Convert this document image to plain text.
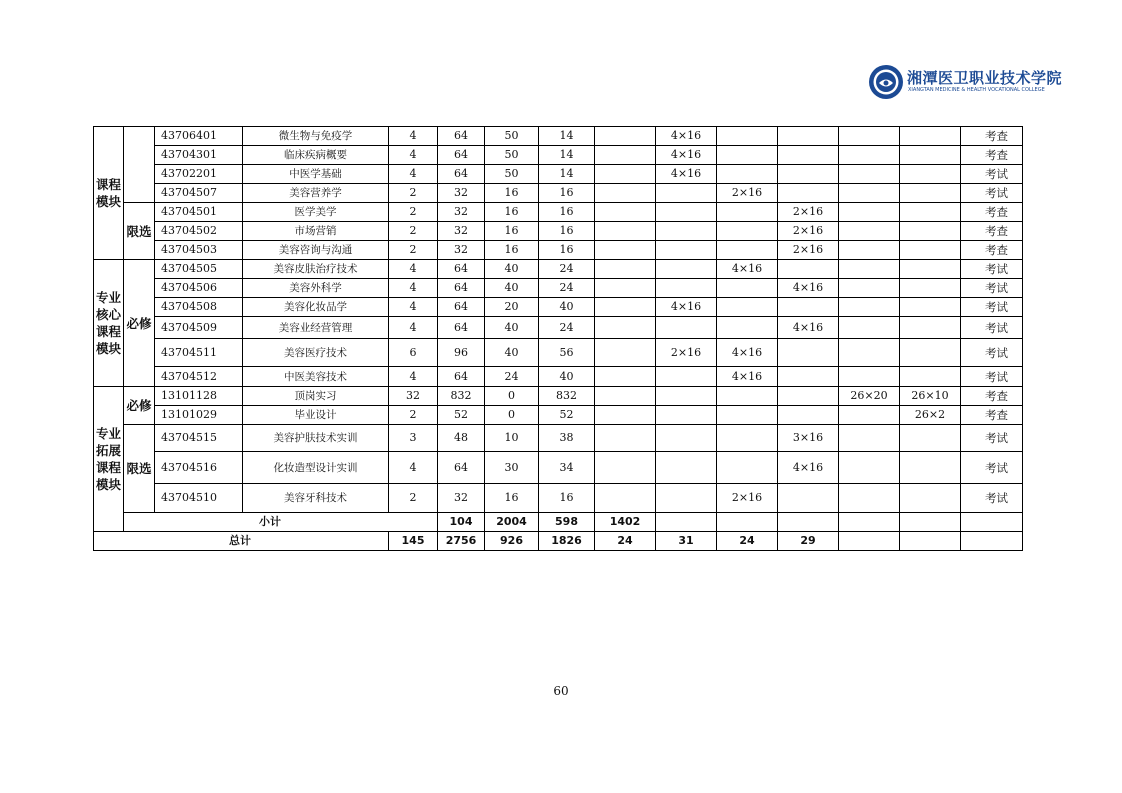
湘潭医卫职业技术学院
XIANGTAN MEDICINE & HEALTH VOCATIONAL COLLEGE
课程模块		43706401	微生物与免疫学	4	64	50	14		4×16					考查	
		43704301	临床疾病概要	4	64	50	14		4×16					考查	
		43702201	中医学基础	4	64	50	14		4×16					考试	
		43704507	美容营养学	2	32	16	16			2×16				考试	
	限选	43704501	医学美学	2	32	16	16				2×16			考查	
		43704502	市场营销	2	32	16	16				2×16			考查	
		43704503	美容咨询与沟通	2	32	16	16				2×16			考查	
专业核心课程模块	必修	43704505	美容皮肤治疗技术	4	64	40	24			4×16				考试	
		43704506	美容外科学	4	64	40	24				4×16			考试	
		43704508	美容化妆品学	4	64	20	40		4×16					考试	
		43704509	美容业经营管理	4	64	40	24				4×16			考试	
		43704511	美容医疗技术	6	96	40	56		2×16	4×16				考试	
		43704512	中医美容技术	4	64	24	40			4×16				考试	
专业拓展课程模块	必修	13101128	顶岗实习	32	832	0	832					26×20	26×10	考查	
		13101029	毕业设计	2	52	0	52						26×2	考查	
	限选	43704515	美容护肤技术实训	3	48	10	38				3×16			考试	
		43704516	化妆造型设计实训	4	64	30	34				4×16			考试	
		43704510	美容牙科技术	2	32	16	16			2×16				考试	
	小计				104	2004	598	1402							
总计				145	2756	926	1826	24	31	24	29				
60
